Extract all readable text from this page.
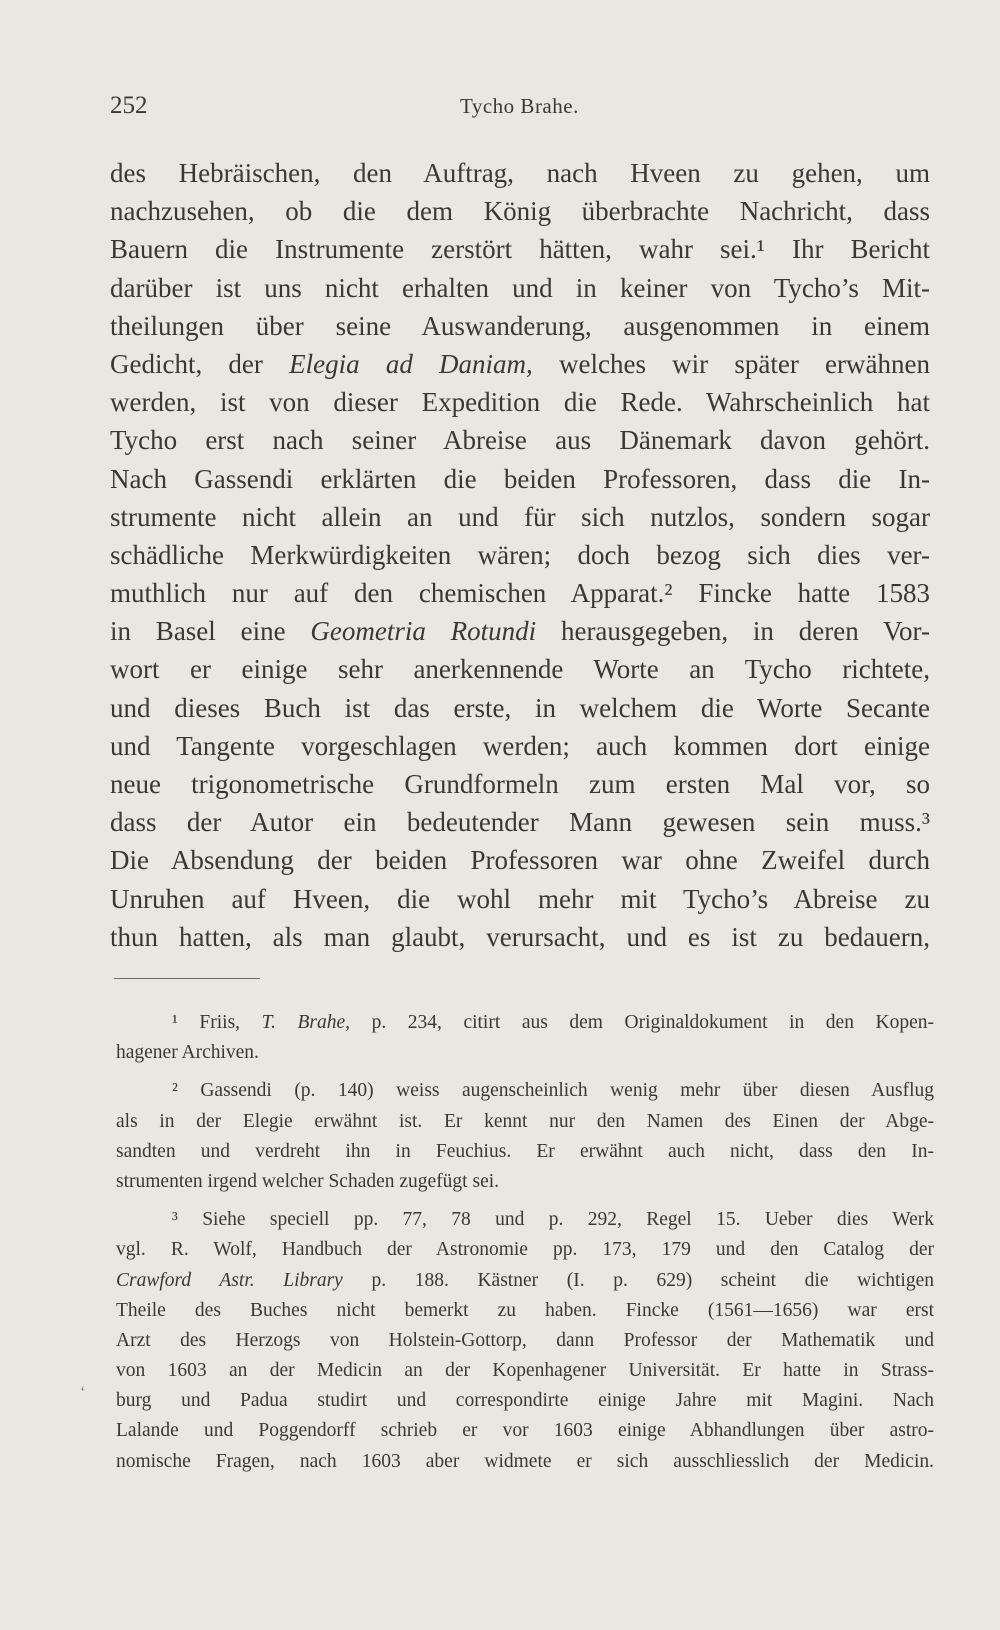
252	Tycho Brahe.
des Hebräischen, den Auftrag, nach Hveen zu gehen, um
nachzusehen, ob die dem König überbrachte Nachricht, dass
Bauern die Instrumente zerstört hätten, wahr sei.¹ Ihr Bericht
darüber ist uns nicht erhalten und in keiner von Tycho’s Mit-
theilungen über seine Auswanderung, ausgenommen in einem
Gedicht, der Elegia ad Daniam, welches wir später erwähnen
werden, ist von dieser Expedition die Rede. Wahrscheinlich hat
Tycho erst nach seiner Abreise aus Dänemark davon gehört.
Nach Gassendi erklärten die beiden Professoren, dass die In-
strumente nicht allein an und für sich nutzlos, sondern sogar
schädliche Merkwürdigkeiten wären; doch bezog sich dies ver-
muthlich nur auf den chemischen Apparat.² Fincke hatte 1583
in Basel eine Geometria Rotundi herausgegeben, in deren Vor-
wort er einige sehr anerkennende Worte an Tycho richtete,
und dieses Buch ist das erste, in welchem die Worte Secante
und Tangente vorgeschlagen werden; auch kommen dort einige
neue trigonometrische Grundformeln zum ersten Mal vor, so
dass der Autor ein bedeutender Mann gewesen sein muss.³
Die Absendung der beiden Professoren war ohne Zweifel durch
Unruhen auf Hveen, die wohl mehr mit Tycho’s Abreise zu
thun hatten, als man glaubt, verursacht, und es ist zu bedauern,
¹ Friis, T. Brahe, p. 234, citirt aus dem Originaldokument in den Kopen-
hagener Archiven.
² Gassendi (p. 140) weiss augenscheinlich wenig mehr über diesen Ausflug
als in der Elegie erwähnt ist. Er kennt nur den Namen des Einen der Abge-
sandten und verdreht ihn in Feuchius. Er erwähnt auch nicht, dass den In-
strumenten irgend welcher Schaden zugefügt sei.
³ Siehe speciell pp. 77, 78 und p. 292, Regel 15. Ueber dies Werk
vgl. R. Wolf, Handbuch der Astronomie pp. 173, 179 und den Catalog der
Crawford Astr. Library p. 188. Kästner (I. p. 629) scheint die wichtigen
Theile des Buches nicht bemerkt zu haben. Fincke (1561—1656) war erst
Arzt des Herzogs von Holstein-Gottorp, dann Professor der Mathematik und
von 1603 an der Medicin an der Kopenhagener Universität. Er hatte in Strass-
burg und Padua studirt und correspondirte einige Jahre mit Magini. Nach
Lalande und Poggendorff schrieb er vor 1603 einige Abhandlungen über astro-
nomische Fragen, nach 1603 aber widmete er sich ausschliesslich der Medicin.
ʻ
